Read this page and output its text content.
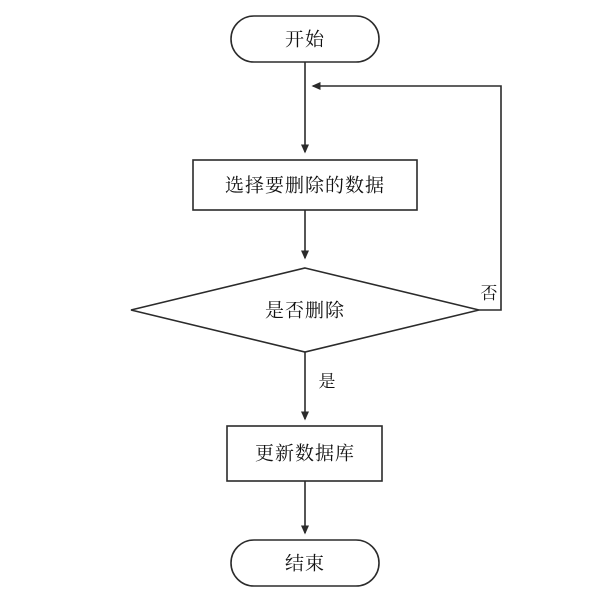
开始
选择要删除的数据
是否删除
更新数据库
结束
是
否
